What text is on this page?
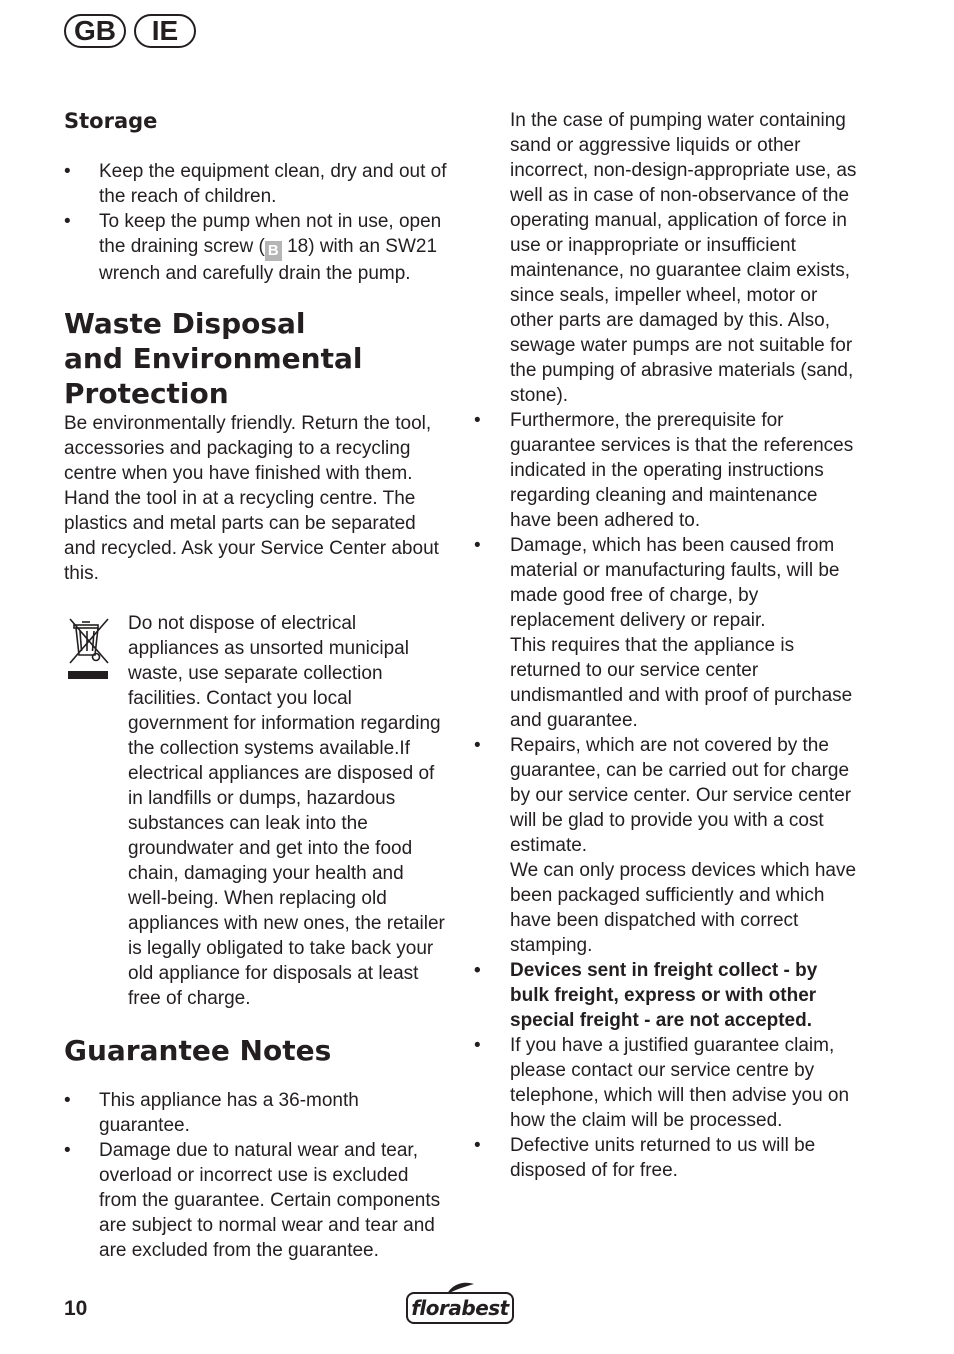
GB	IE
Storage
• Keep the equipment clean, dry and out of the reach of children.
• To keep the pump when not in use, open the draining screw ( B 18) with an SW21 wrench and carefully drain the pump.
Waste Disposal
and Environmental
Protection

Be environmentally friendly. Return the tool, accessories and packaging to a recycling centre when you have finished with them. Hand the tool in at a recycling centre. The plastics and metal parts can be separated and recycled. Ask your Service Center about this.

Do not dispose of electrical appliances as unsorted municipal waste, use separate collection facilities. Contact you local government for information regarding the collection systems available.If electrical appliances are disposed of in landfills or dumps, hazardous substances can leak into the groundwater and get into the food chain, damaging your health and well-being. When replacing old appliances with new ones, the retailer is legally obligated to take back your old appliance for disposals at least free of charge.

Guarantee Notes
• This appliance has a 36-month guarantee.
• Damage due to natural wear and tear, overload or incorrect use is excluded from the guarantee. Certain components are subject to normal wear and tear and are excluded from the guarantee.

In the case of pumping water containing sand or aggressive liquids or other incorrect, non-design-appropriate use, as well as in case of non-observance of the operating manual, application of force in use or inappropriate or insufficient maintenance, no guarantee claim exists, since seals, impeller wheel, motor or other parts are damaged by this. Also, sewage water pumps are not suitable for the pumping of abrasive materials (sand, stone).

• Furthermore, the prerequisite for guarantee services is that the references indicated in the operating instructions regarding cleaning and maintenance have been adhered to.
• Damage, which has been caused from material or manufacturing faults, will be made good free of charge, by replacement delivery or repair.
This requires that the appliance is returned to our service center undismantled and with proof of purchase and guarantee.
• Repairs, which are not covered by the guarantee, can be carried out for charge by our service center. Our service center will be glad to provide you with a cost estimate.
We can only process devices which have been packaged sufficiently and which have been dispatched with correct stamping.
• Devices sent in freight collect - by bulk freight, express or with other special freight - are not accepted.
• If you have a justified guarantee claim, please contact our service centre by telephone, which will then advise you on how the claim will be processed.
• Defective units returned to us will be disposed of for free.
10	florabest
